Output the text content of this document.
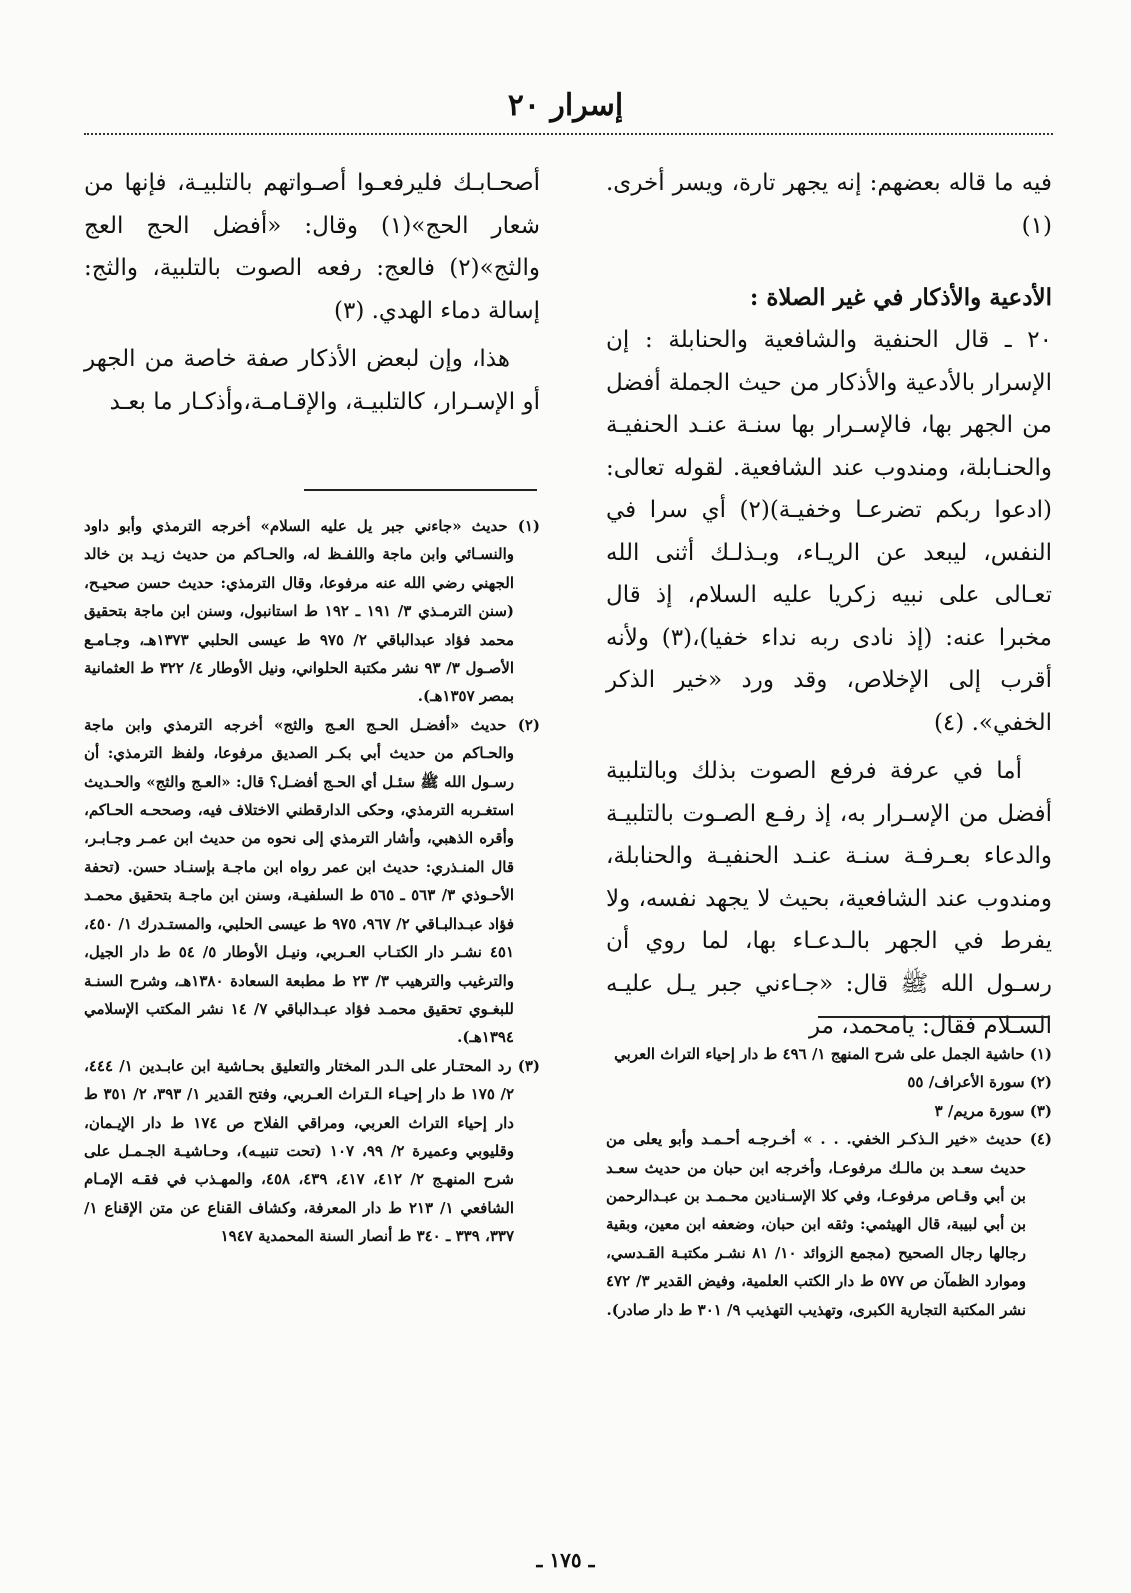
إسرار ٢٠

فيه ما قاله بعضهم: إنه يجهر تارة، ويسر أخرى. (١)

الأدعية والأذكار في غير الصلاة :

٢٠ ـ قال الحنفية والشافعية والحنابلة : إن الإسرار بالأدعية والأذكار من حيث الجملة أفضل من الجهر بها، فالإسـرار بها سنـة عنـد الحنفيـة والحنـابلة، ومندوب عند الشافعية. لقوله تعالى: (ادعوا ربكم تضرعـا وخفيـة)(٢) أي سرا في النفس، ليبعد عن الريـاء، وبـذلـك أثنى الله تعـالى على نبيه زكريا عليه السلام، إذ قال مخبرا عنه: (إذ نادى ربه نداء خفيا)،(٣) ولأنه أقرب إلى الإخلاص، وقد ورد «خير الذكر الخفي». (٤)

أما في عرفة فرفع الصوت بذلك وبالتلبية أفضل من الإسـرار به، إذ رفـع الصـوت بالتلبيـة والدعاء بعـرفـة سنـة عنـد الحنفيـة والحنابلة، ومندوب عند الشافعية، بحيث لا يجهد نفسه، ولا يفرط في الجهر بالـدعـاء بها، لما روي أن رسـول الله ﷺ قال: «جـاءني جبر يـل عليـه السـلام فقال: يامحمد، مر

(١) حاشية الجمل على شرح المنهج ١/ ٤٩٦ ط دار إحياء التراث العربي

(٢) سورة الأعراف/ ٥٥

(٣) سورة مريم/ ٣

(٤) حديث «خير الـذكـر الخفي. . . » أخـرجـه أحـمـد وأبو يعلى من حديث سعـد بن مالـك مرفوعـا، وأخرجه ابن حبان من حديث سعـد بن أبي وقـاص مرفوعـا، وفي كلا الإسـنادين محـمـد بن عبـدالرحمن بن أبي لبيبة، قال الهيثمي: وثقه ابن حبان، وضعفه ابن معين، وبقية رجالها رجال الصحيح (مجمع الزوائد ١٠/ ٨١ نشـر مكتبـة القـدسي، وموارد الظمآن ص ٥٧٧ ط دار الكتب العلمية، وفيض القدير ٣/ ٤٧٢ نشر المكتبة التجارية الكبرى، وتهذيب التهذيب ٩/ ٣٠١ ط دار صادر).

أصحـابـك فليرفعـوا أصـواتهم بالتلبيـة، فإنها من شعار الحج»(١) وقال: «أفضل الحج العج والثج»(٢) فالعج: رفعه الصوت بالتلبية، والثج: إسالة دماء الهدي. (٣)

هذا، وإن لبعض الأذكار صفة خاصة من الجهر أو الإسـرار، كالتلبيـة، والإقـامـة،وأذكـار ما بعـد

(١) حديث «جاءني جبر يل عليه السلام» أخرجه الترمذي وأبو داود والنسـائي وابن ماجة واللفـظ له، والحـاكم من حديث زيـد بن خالد الجهني رضي الله عنه مرفوعا، وقال الترمذي: حديث حسن صحيـح، (سنن الترمـذي ٣/ ١٩١ ـ ١٩٢ ط استانبول، وسنن ابن ماجة بتحقيق محمد فؤاد عبدالباقي ٢/ ٩٧٥ ط عيسى الحلبي ١٣٧٣هـ، وجـامـع الأصـول ٣/ ٩٣ نشر مكتبة الحلواني، ونيل الأوطار ٤/ ٣٢٢ ط العثمانية بمصر ١٣٥٧هـ).

(٢) حديث «أفضـل الحـج العـج والثج» أخرجه الترمذي وابن ماجة والحـاكم من حديث أبي بكـر الصديق مرفوعا، ولفظ الترمذي: أن رسـول الله ﷺ سئـل أي الحـج أفضـل؟ قال: «العـج والثج» والحـديث استغـربه الترمذي، وحكى الدارقطني الاختلاف فيه، وصححـه الحـاكم، وأقره الذهبي، وأشار الترمذي إلى نحوه من حديث ابن عمـر وجـابـر، قال المنـذري: حديث ابن عمر رواه ابن ماجـة بإسنـاد حسن. (تحفة الأحـوذي ٣/ ٥٦٣ ـ ٥٦٥ ط السلفيـة، وسنن ابن ماجـة بتحقيق محمـد فؤاد عبـدالبـاقي ٢/ ٩٦٧، ٩٧٥ ط عيسى الحلبي، والمستـدرك ١/ ٤٥٠، ٤٥١ نشـر دار الكتـاب العـربي، ونيـل الأوطار ٥/ ٥٤ ط دار الجيل، والترغيب والترهيب ٣/ ٢٣ ط مطبعة السعادة ١٣٨٠هـ، وشرح السنـة للبغـوي تحقيق محمـد فؤاد عبـدالباقي ٧/ ١٤ نشر المكتب الإسلامي ١٣٩٤هـ).

(٣) رد المحتـار على الـدر المختار والتعليق بحـاشية ابن عابـدين ١/ ٤٤٤، ٢/ ١٧٥ ط دار إحيـاء الـتراث العـربي، وفتح القدير ١/ ٣٩٣، ٢/ ٣٥١ ط دار إحياء التراث العربي، ومراقي الفلاح ص ١٧٤ ط دار الإيـمان، وقليوبي وعميرة ٢/ ٩٩، ١٠٧ (تحت تنبيـه)، وحـاشيـة الجـمـل على شرح المنهـج ٢/ ٤١٢، ٤١٧، ٤٣٩، ٤٥٨، والمهـذب في فقـه الإمـام الشافعي ١/ ٢١٣ ط دار المعرفة، وكشاف القناع عن متن الإقناع ١/ ٣٣٧، ٣٣٩ ـ ٣٤٠ ط أنصار السنة المحمدية ١٩٤٧

ـ ١٧٥ ـ
